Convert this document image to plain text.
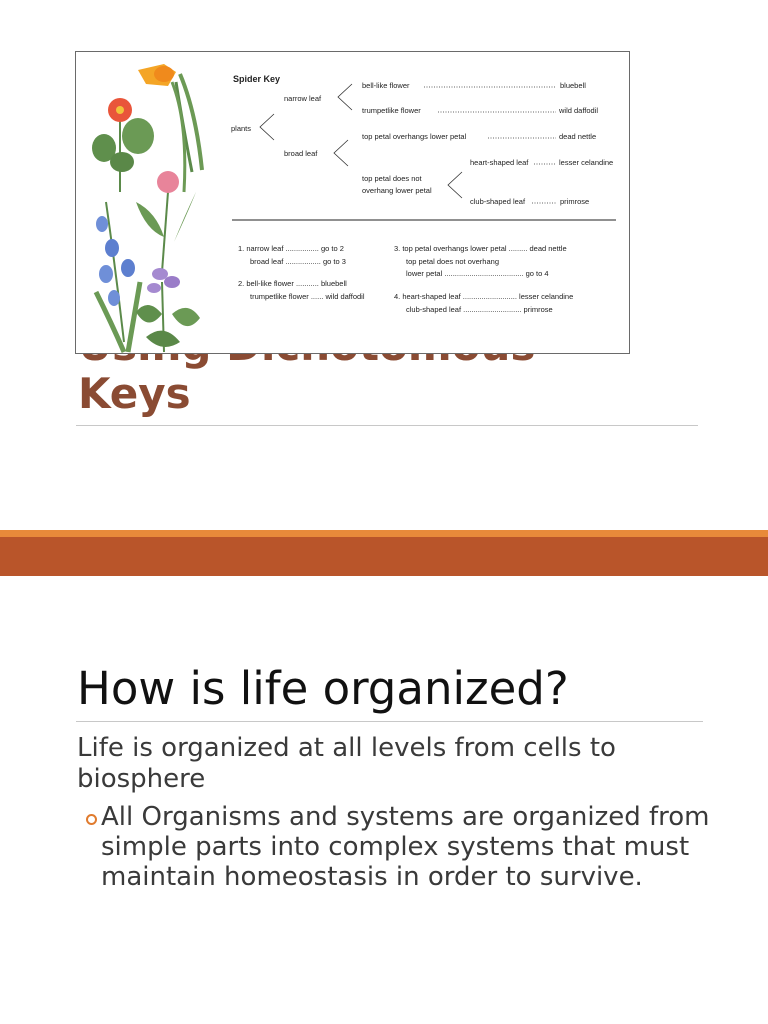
Keys
Spider Key
plants
narrow leaf
broad leaf
bell-like flower	bluebell
trumpetlike flower	wild daffodil
top petal overhangs lower petal	dead nettle
top petal does not
overhang lower petal
heart-shaped leaf	lesser celandine
club-shaped leaf	primrose
1. narrow leaf ................ go to 2
broad leaf ................. go to 3
2. bell-like flower ........... bluebell
trumpetlike flower ...... wild daffodil
3. top petal overhangs lower petal ......... dead nettle
top petal does not overhang
lower petal ...................................... go to 4
4. heart-shaped leaf .......................... lesser celandine
club-shaped leaf ............................ primrose
How is life organized?

Life is organized at all levels from cells to biosphere

All Organisms and systems are organized from simple parts into complex systems that must maintain homeostasis in order to survive.
